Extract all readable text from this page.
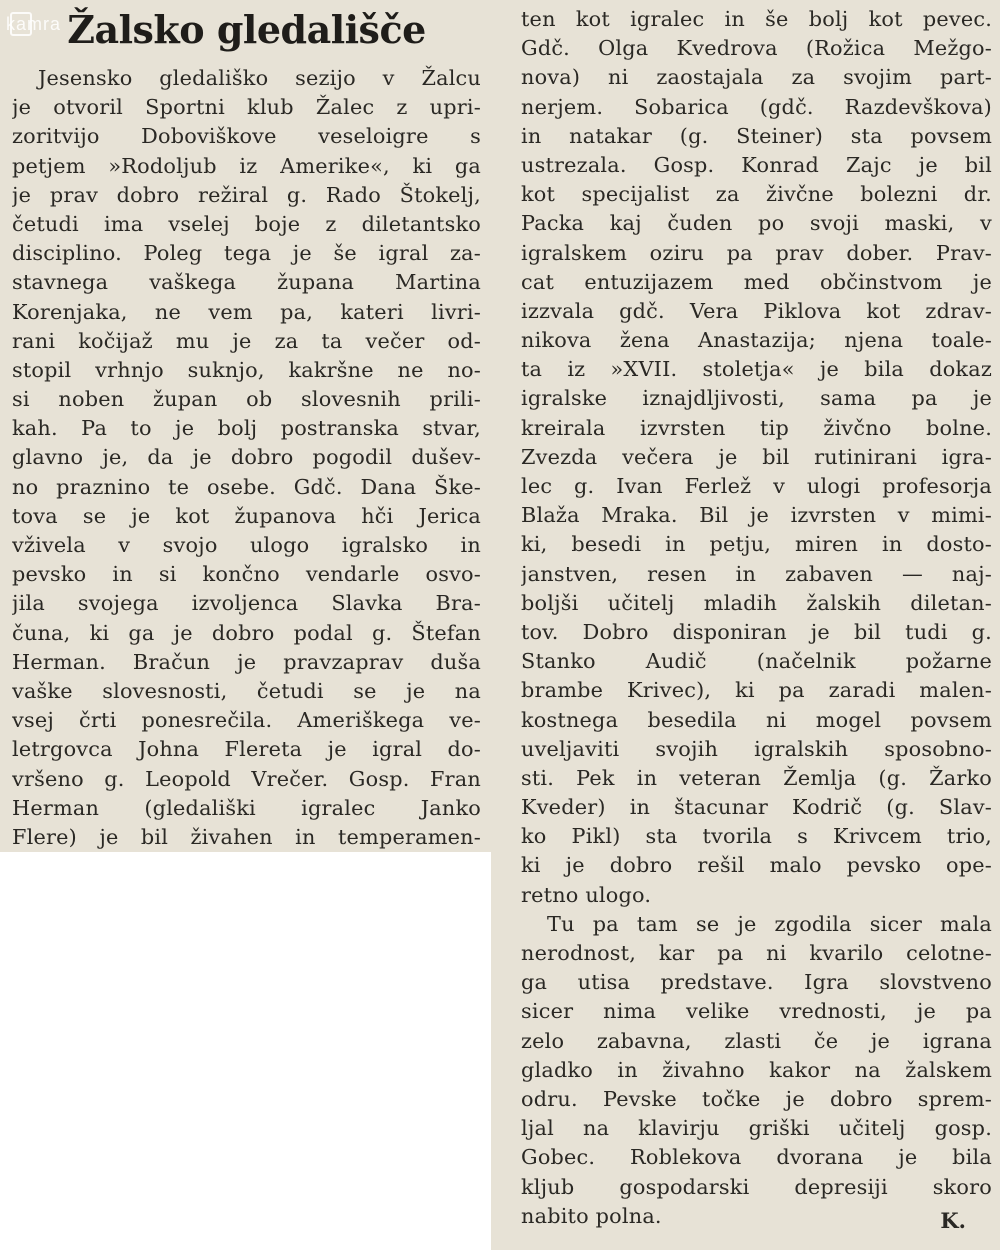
kamra Žalsko gledališče
Jesensko gledališko sezijo v Žalcu
je otvoril Sportni klub Žalec z upri-
zoritvijo Doboviškove veseloigre s
petjem »Rodoljub iz Amerike«, ki ga
je prav dobro režiral g. Rado Štokelj,
četudi ima vselej boje z diletantsko
disciplino. Poleg tega je še igral za-
stavnega vaškega župana Martina
Korenjaka, ne vem pa, kateri livri-
rani kočijaž mu je za ta večer od-
stopil vrhnjo suknjo, kakršne ne no-
si noben župan ob slovesnih prili-
kah. Pa to je bolj postranska stvar,
glavno je, da je dobro pogodil dušev-
no praznino te osebe. Gdč. Dana Ške-
tova se je kot županova hči Jerica
vživela v svojo ulogo igralsko in
pevsko in si končno vendarle osvo-
jila svojega izvoljenca Slavka Bra-
čuna, ki ga je dobro podal g. Štefan
Herman. Bračun je pravzaprav duša
vaške slovesnosti, četudi se je na
vsej črti ponesrečila. Ameriškega ve-
letrgovca Johna Flereta je igral do-
vršeno g. Leopold Vrečer. Gosp. Fran
Herman (gledališki igralec Janko
Flere) je bil živahen in temperamen-
ten kot igralec in še bolj kot pevec.
Gdč. Olga Kvedrova (Rožica Mežgo-
nova) ni zaostajala za svojim part-
nerjem. Sobarica (gdč. Razdevškova)
in natakar (g. Steiner) sta povsem
ustrezala. Gosp. Konrad Zajc je bil
kot specijalist za živčne bolezni dr.
Packa kaj čuden po svoji maski, v
igralskem oziru pa prav dober. Prav-
cat entuzijazem med občinstvom je
izzvala gdč. Vera Piklova kot zdrav-
nikova žena Anastazija; njena toale-
ta iz »XVII. stoletja« je bila dokaz
igralske iznajdljivosti, sama pa je
kreirala izvrsten tip živčno bolne.
Zvezda večera je bil rutinirani igra-
lec g. Ivan Ferlež v ulogi profesorja
Blaža Mraka. Bil je izvrsten v mimi-
ki, besedi in petju, miren in dosto-
janstven, resen in zabaven — naj-
boljši učitelj mladih žalskih diletan-
tov. Dobro disponiran je bil tudi g.
Stanko Audič (načelnik požarne
brambe Krivec), ki pa zaradi malen-
kostnega besedila ni mogel povsem
uveljaviti svojih igralskih sposobno-
sti. Pek in veteran Žemlja (g. Žarko
Kveder) in štacunar Kodrič (g. Slav-
ko Pikl) sta tvorila s Krivcem trio,
ki je dobro rešil malo pevsko ope-
retno ulogo.
Tu pa tam se je zgodila sicer mala
nerodnost, kar pa ni kvarilo celotne-
ga utisa predstave. Igra slovstveno
sicer nima velike vrednosti, je pa
zelo zabavna, zlasti če je igrana
gladko in živahno kakor na žalskem
odru. Pevske točke je dobro sprem-
ljal na klavirju griški učitelj gosp.
Gobec. Roblekova dvorana je bila
kljub gospodarski depresiji skoro
nabito polna.	K.
